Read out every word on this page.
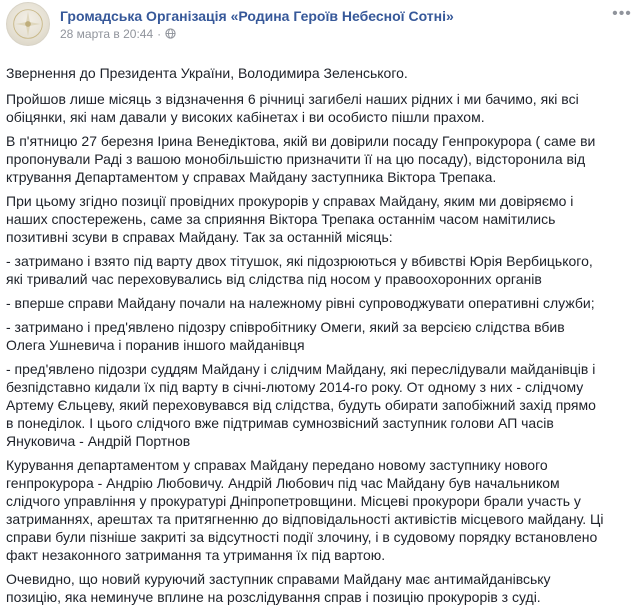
Громадська Організація «Родина Героїв Небесної Сотні»
28 марта в 20:44 ·
•••

Звернення до Президента України, Володимира Зеленського.

Пройшов лише місяць з відзначення 6 річниці загибелі наших рідних і ми бачимо, які всі обіцянки, які нам давали у високих кабінетах і ви особисто пішли прахом.

В п'ятницю 27 березня Ірина Венедіктова, якій ви довірили посаду Генпрокурора ( саме ви пропонували Раді з вашою монобільшістю призначити її на цю посаду), відсторонила від ктрування Департаментом у справах Майдану заступника Віктора Трепака.

При цьому згідно позиції провідних прокурорів у справах Майдану, яким ми довіряємо і наших спостережень, саме за сприяння Віктора Трепака останнім часом намітились позитивні зсуви в справах Майдану. Так за останній місяць:

- затримано і взято під варту двох тітушок, які підозрюються у вбивстві Юрія Вербицького, які тривалий час переховувались від слідства під носом у правоохоронних органів

- вперше справи Майдану почали на належному рівні супроводжувати оперативні служби;

- затримано і пред'явлено підозру співробітнику Омеги, який за версією слідства вбив Олега Ушневича і поранив іншого майданівця

- пред'явлено підозри суддям Майдану і слідчим Майдану, які переслідували майданівців і безпідставно кидали їх під варту в січні-лютому 2014-го року. От одному з них - слідчому Артему Єльцеву, який переховувався від слідства, будуть обирати запобіжний захід прямо в понеділок. І цього слідчого вже підтримав сумнозвісний заступник голови АП часів Януковича - Андрій Портнов

Курування департаментом у справах Майдану передано новому заступнику нового генпрокурора - Андрію Любовичу. Андрій Любович під час Майдану був начальником слідчого управління у прокуратурі Дніпропетровщини. Місцеві прокурори брали участь у затриманнях, арештах та притягненню до відповідальності активістів місцевого майдану. Ці справи були пізніше закриті за відсутності події злочину, і в судовому порядку встановлено факт незаконного затримання та утримання їх під вартою.

Очевидно, що новий куруючий заступник справами Майдану має антимайданівську позицію, яка неминуче вплине на розслідування справ і позицію прокурорів з суді.
